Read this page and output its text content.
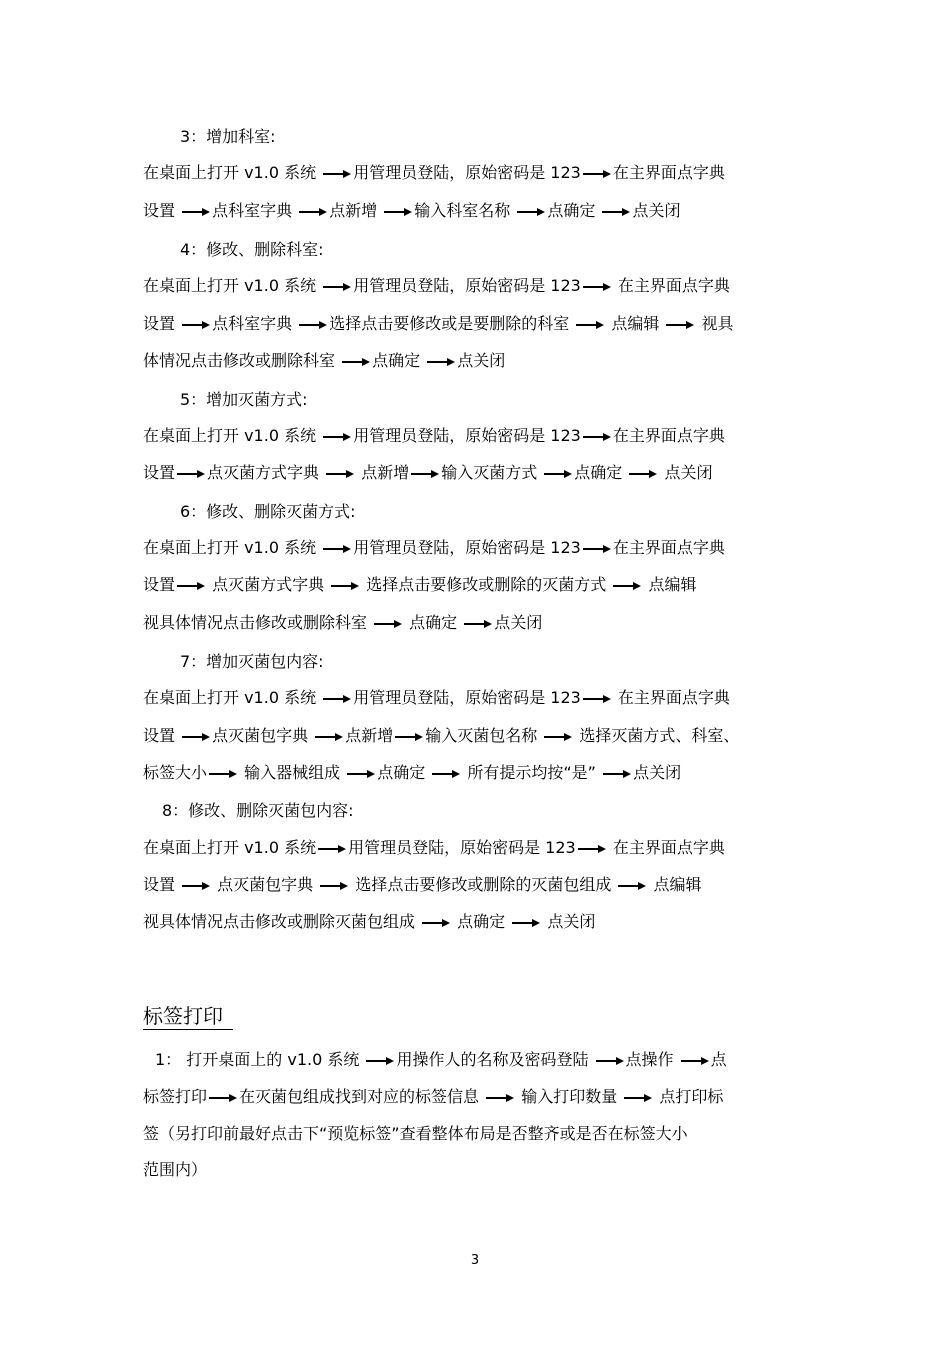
3：增加科室:
在桌面上打开 v1.0 系统
用管理员登陆，原始密码是 123 在主界面点字典
设置
点科室字典
点新增
输入科室名称
点确定
点关闭
4：修改、删除科室:
在桌面上打开 v1.0 系统
用管理员登陆，原始密码是 123
在主界面点字典
设置
点科室字典
选择点击要修改或是要删除的科室
点编辑
视具
体情况点击修改或删除科室
点确定
点关闭
5：增加灭菌方式:
在桌面上打开 v1.0 系统
用管理员登陆，原始密码是 123 在主界面点字典
设置 点灭菌方式字典
点新增 输入灭菌方式
点确定
点关闭
6：修改、删除灭菌方式:
在桌面上打开 v1.0 系统
用管理员登陆，原始密码是 123 在主界面点字典
设置
点灭菌方式字典
选择点击要修改或删除的灭菌方式
点编辑
视具体情况点击修改或删除科室
点确定
点关闭
7：增加灭菌包内容:
在桌面上打开 v1.0 系统
用管理员登陆，原始密码是 123
在主界面点字典
设置
点灭菌包字典
点新增 输入灭菌包名称
选择灭菌方式、科室、
标签大小
输入器械组成
点确定
所有提示均按“是”
点关闭
8：修改、删除灭菌包内容:
在桌面上打开 v1.0 系统 用管理员登陆，原始密码是 123
在主界面点字典
设置
点灭菌包字典
选择点击要修改或删除的灭菌包组成
点编辑
视具体情况点击修改或删除灭菌包组成
点确定
点关闭
标签打印
1： 打开桌面上的 v1.0 系统
用操作人的名称及密码登陆
点操作
点
标签打印 在灭菌包组成找到对应的标签信息
输入打印数量
点打印标
签（另打印前最好点击下“预览标签”查看整体布局是否整齐或是否在标签大小
范围内）
3
